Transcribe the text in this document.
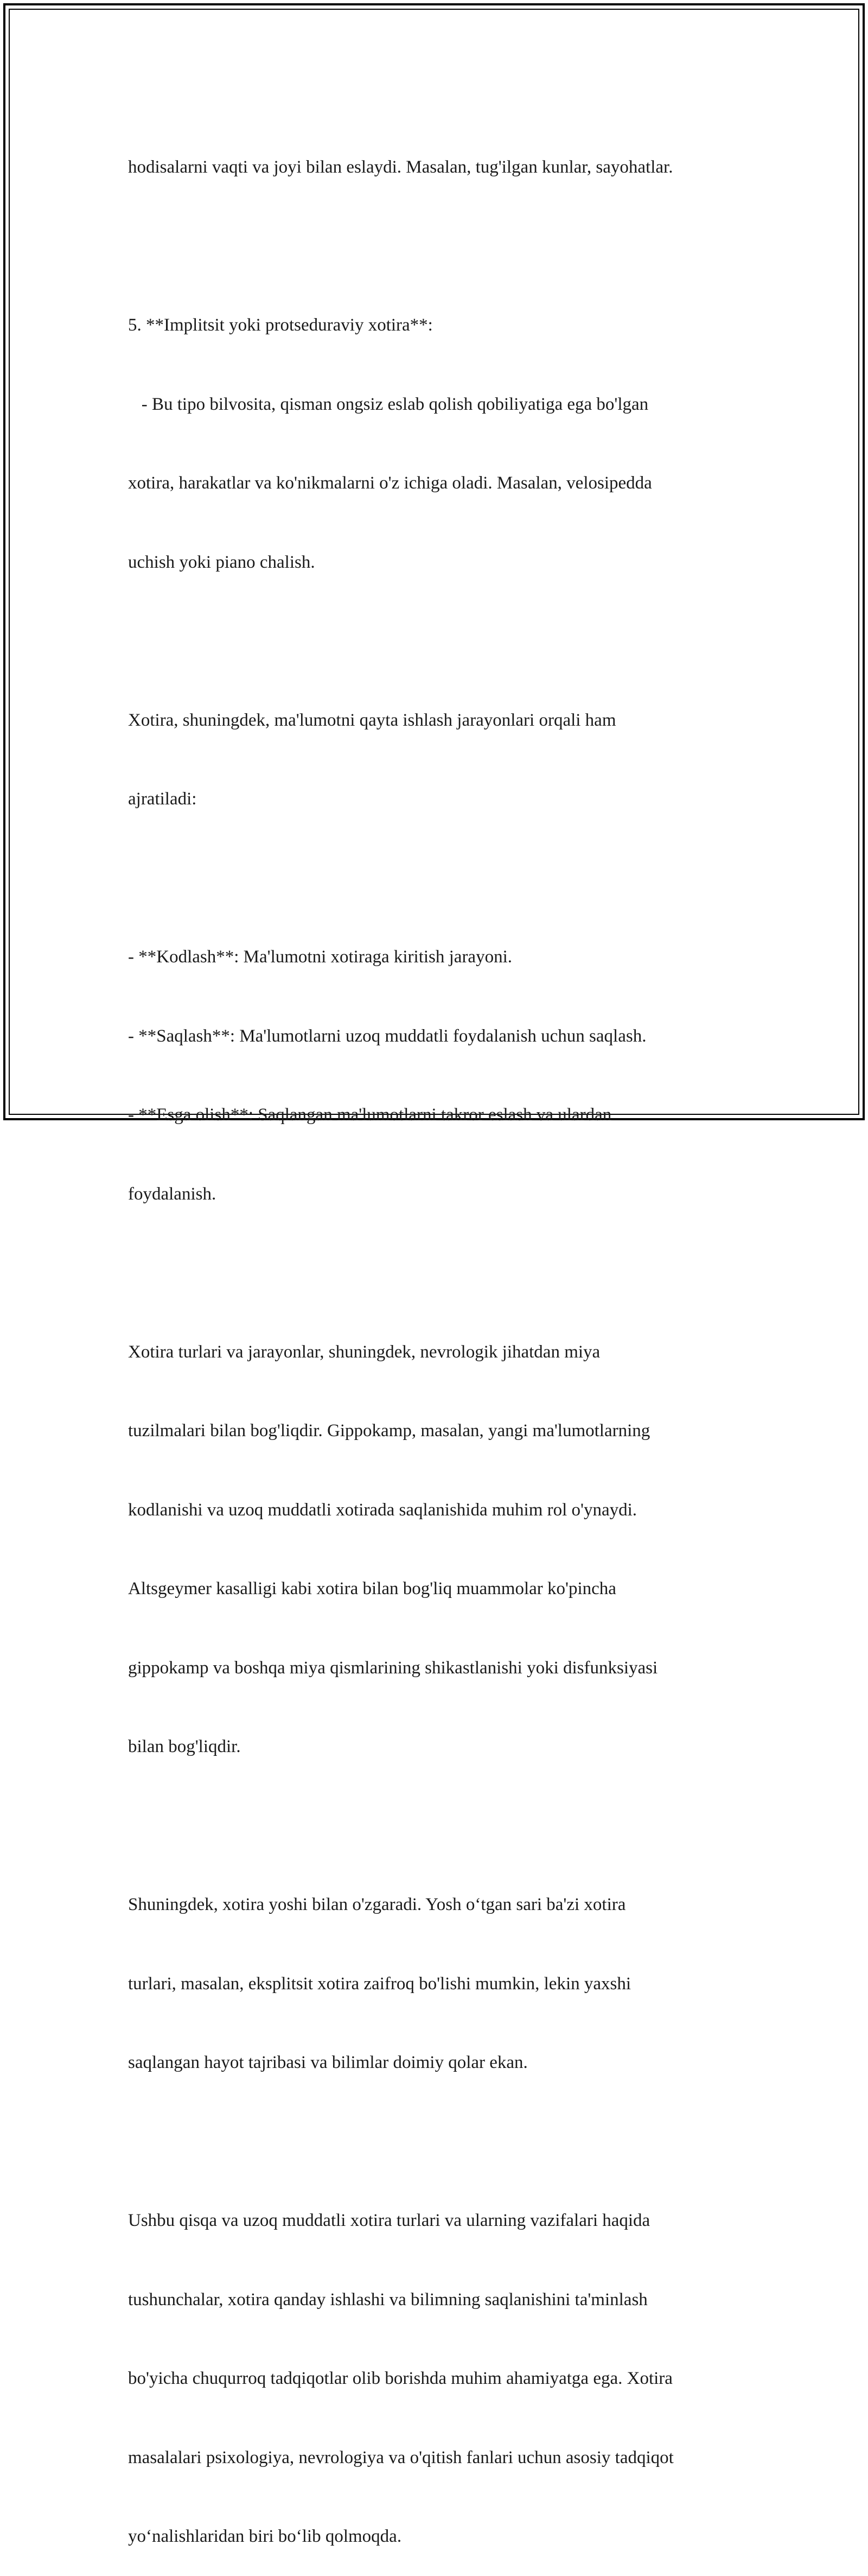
hodisalarni vaqti va joyi bilan eslaydi. Masalan, tug'ilgan kunlar, sayohatlar.

5. **Implitsit yoki protseduraviy xotira**:

- Bu tipo bilvosita, qisman ongsiz eslab qolish qobiliyatiga ega bo'lgan

xotira, harakatlar va ko'nikmalarni o'z ichiga oladi. Masalan, velosipedda

uchish yoki piano chalish.

Xotira, shuningdek, ma'lumotni qayta ishlash jarayonlari orqali ham

ajratiladi:

- **Kodlash**: Ma'lumotni xotiraga kiritish jarayoni.

- **Saqlash**: Ma'lumotlarni uzoq muddatli foydalanish uchun saqlash.

- **Esga olish**: Saqlangan ma'lumotlarni takror eslash va ulardan

foydalanish.

Xotira turlari va jarayonlar, shuningdek, nevrologik jihatdan miya

tuzilmalari bilan bog'liqdir. Gippokamp, masalan, yangi ma'lumotlarning

kodlanishi va uzoq muddatli xotirada saqlanishida muhim rol o'ynaydi.

Altsgeymer kasalligi kabi xotira bilan bog'liq muammolar ko'pincha

gippokamp va boshqa miya qismlarining shikastlanishi yoki disfunksiyasi

bilan bog'liqdir.

Shuningdek, xotira yoshi bilan o'zgaradi. Yosh o‘tgan sari ba'zi xotira

turlari, masalan, eksplitsit xotira zaifroq bo'lishi mumkin, lekin yaxshi

saqlangan hayot tajribasi va bilimlar doimiy qolar ekan.

Ushbu qisqa va uzoq muddatli xotira turlari va ularning vazifalari haqida

tushunchalar, xotira qanday ishlashi va bilimning saqlanishini ta'minlash

bo'yicha chuqurroq tadqiqotlar olib borishda muhim ahamiyatga ega. Xotira

masalalari psixologiya, nevrologiya va o'qitish fanlari uchun asosiy tadqiqot

yo‘nalishlaridan biri bo‘lib qolmoqda.
